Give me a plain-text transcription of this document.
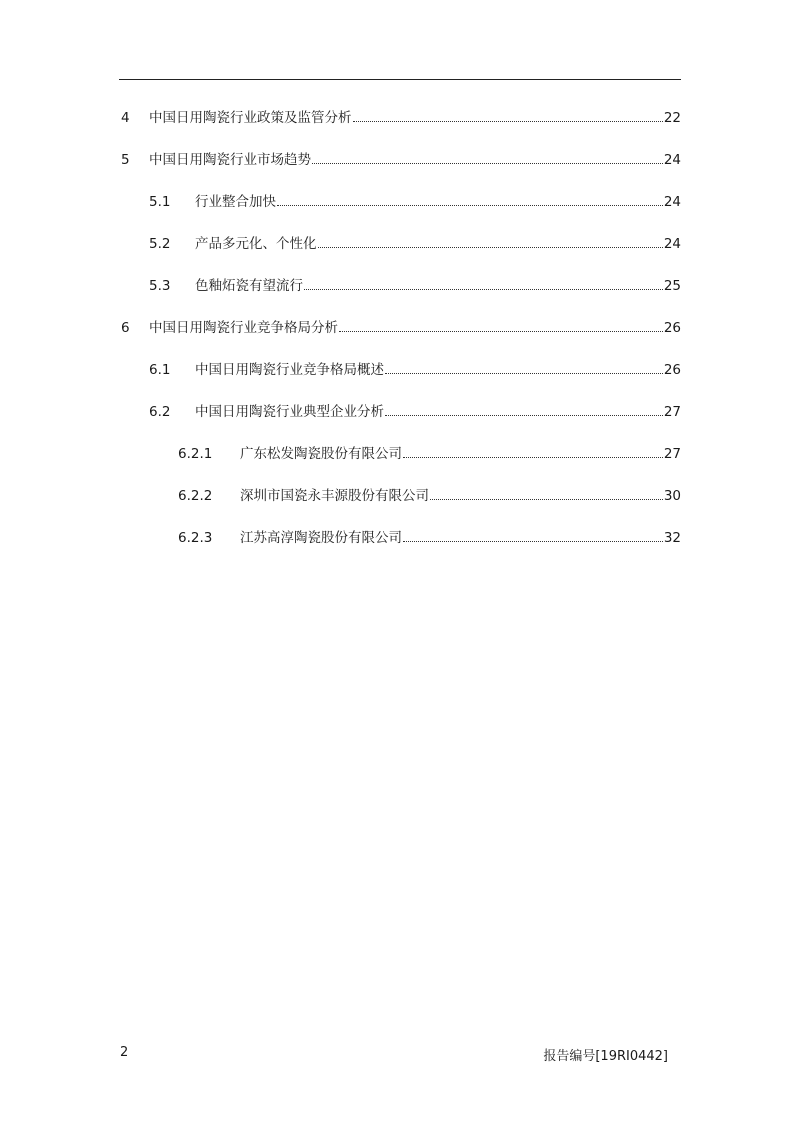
4 中国日用陶瓷行业政策及监管分析	22
5 中国日用陶瓷行业市场趋势	24
5.1 行业整合加快	24
5.2 产品多元化、个性化	24
5.3 色釉炻瓷有望流行	25
6 中国日用陶瓷行业竞争格局分析	26
6.1 中国日用陶瓷行业竞争格局概述	26
6.2 中国日用陶瓷行业典型企业分析	27
6.2.1 广东松发陶瓷股份有限公司	27
6.2.2 深圳市国瓷永丰源股份有限公司	30
6.2.3 江苏高淳陶瓷股份有限公司	32
2	报告编号[19RI0442]
